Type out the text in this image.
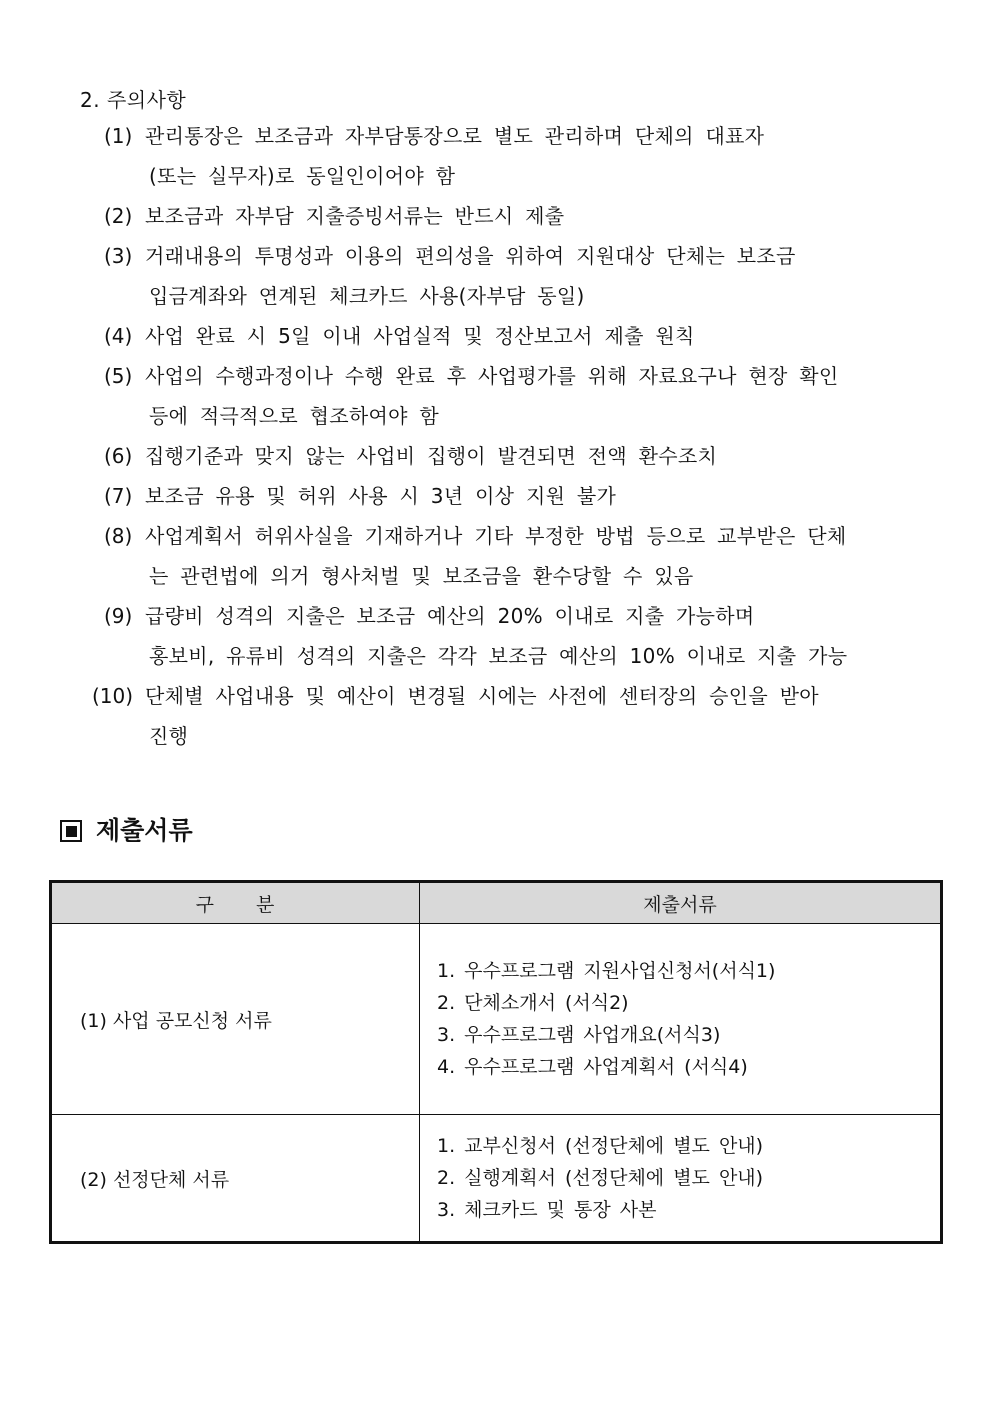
2. 주의사항
(1) 관리통장은 보조금과 자부담통장으로 별도 관리하며 단체의 대표자
(또는 실무자)로 동일인이어야 함
(2) 보조금과 자부담 지출증빙서류는 반드시 제출
(3) 거래내용의 투명성과 이용의 편의성을 위하여 지원대상 단체는 보조금
입금계좌와 연계된 체크카드 사용(자부담 동일)
(4) 사업 완료 시 5일 이내 사업실적 및 정산보고서 제출 원칙
(5) 사업의 수행과정이나 수행 완료 후 사업평가를 위해 자료요구나 현장 확인
등에 적극적으로 협조하여야 함
(6) 집행기준과 맞지 않는 사업비 집행이 발견되면 전액 환수조치
(7) 보조금 유용 및 허위 사용 시 3년 이상 지원 불가
(8) 사업계획서 허위사실을 기재하거나 기타 부정한 방법 등으로 교부받은 단체
는 관련법에 의거 형사처벌 및 보조금을 환수당할 수 있음
(9) 급량비 성격의 지출은 보조금 예산의 20% 이내로 지출 가능하며
홍보비, 유류비 성격의 지출은 각각 보조금 예산의 10% 이내로 지출 가능
(10) 단체별 사업내용 및 예산이 변경될 시에는 사전에 센터장의 승인을 받아
진행
제출서류
구 분	제출서류
(1) 사업 공모신청 서류	1. 우수프로그램 지원사업신청서(서식1)
2. 단체소개서 (서식2)
3. 우수프로그램 사업개요(서식3)
4. 우수프로그램 사업계획서 (서식4)

(2) 선정단체 서류	1. 교부신청서 (선정단체에 별도 안내)
2. 실행계획서 (선정단체에 별도 안내)
3. 체크카드 및 통장 사본
